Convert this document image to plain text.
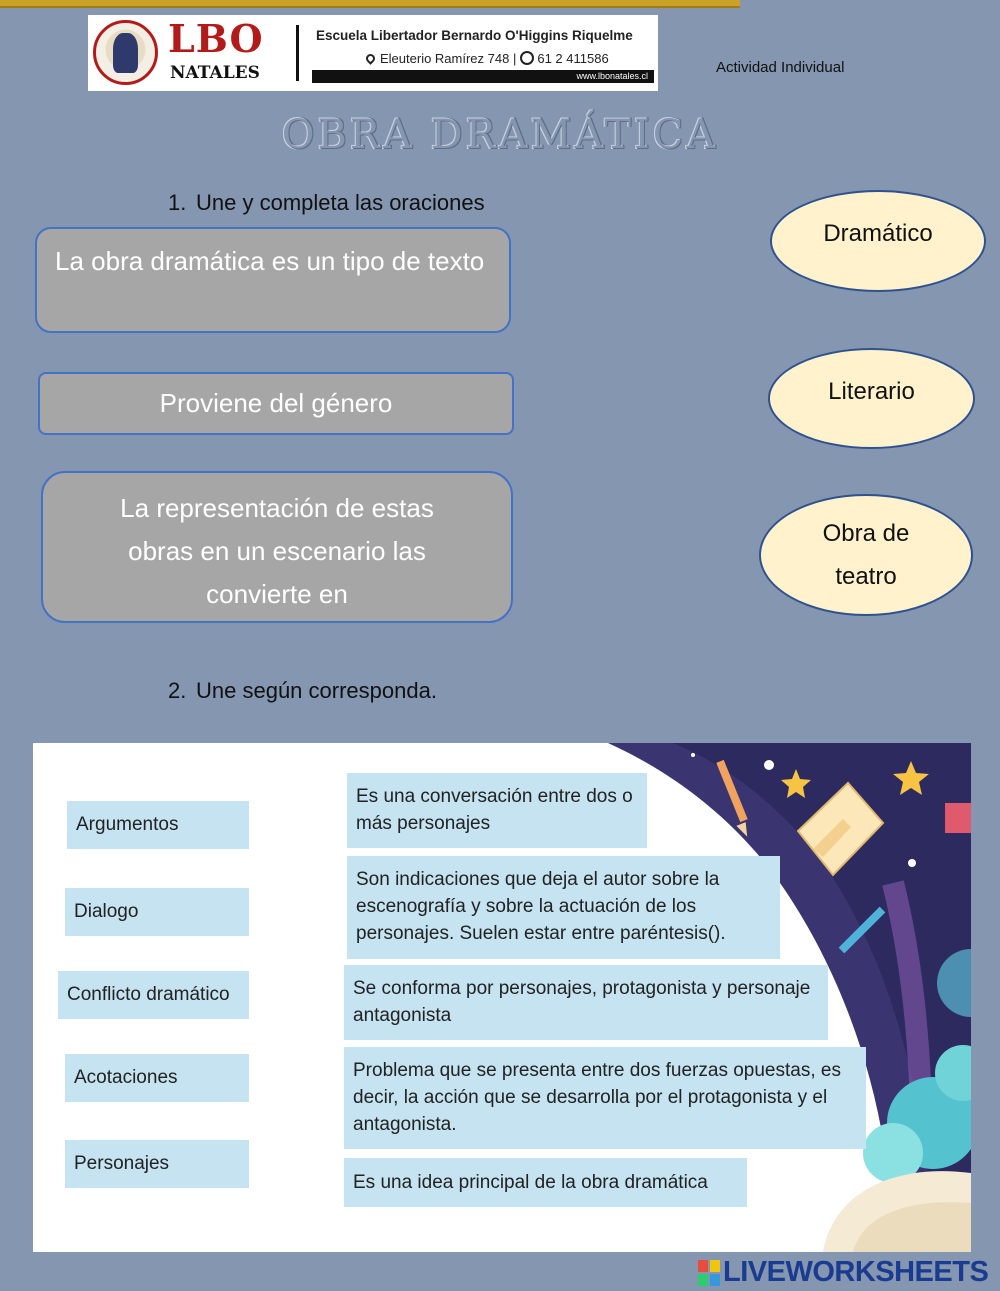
LBO
NATALES
Escuela Libertador Bernardo O'Higgins Riquelme
Eleuterio Ramírez 748 | 61 2 411586
www.lbonatales.cl	Actividad Individual
OBRA DRAMÁTICA
1. Une y completa las oraciones
La obra dramática es un tipo de texto
Proviene del género
La representación de estas obras en un escenario las convierte en
Dramático
Literario
Obra de teatro
2. Une según corresponda.
Argumentos
Dialogo
Conflicto dramático
Acotaciones
Personajes
Es una conversación entre dos o más personajes
Son indicaciones que deja el autor sobre la escenografía y sobre la actuación de los personajes. Suelen estar entre paréntesis().
Se conforma por personajes, protagonista y personaje antagonista
Problema que se presenta entre dos fuerzas opuestas, es decir, la acción que se desarrolla por el protagonista y el antagonista.
Es una idea principal de la obra dramática
LIVEWORKSHEETS
